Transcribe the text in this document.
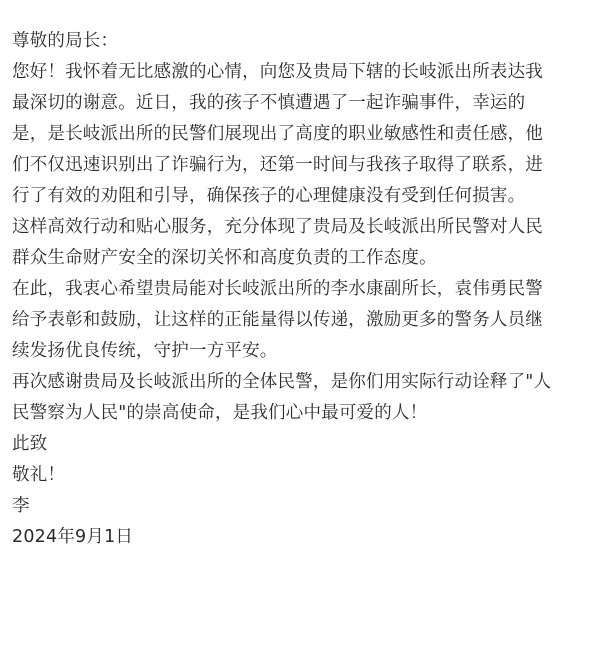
尊敬的局长：
您好！我怀着无比感激的心情，向您及贵局下辖的长岐派出所表达我
最深切的谢意。近日，我的孩子不慎遭遇了一起诈骗事件，幸运的
是，是长岐派出所的民警们展现出了高度的职业敏感性和责任感，他
们不仅迅速识别出了诈骗行为，还第一时间与我孩子取得了联系，进
行了有效的劝阻和引导，确保孩子的心理健康没有受到任何损害。
这样高效行动和贴心服务，充分体现了贵局及长岐派出所民警对人民
群众生命财产安全的深切关怀和高度负责的工作态度。
在此，我衷心希望贵局能对长岐派出所的李水康副所长，袁伟勇民警
给予表彰和鼓励，让这样的正能量得以传递，激励更多的警务人员继
续发扬优良传统，守护一方平安。
再次感谢贵局及长岐派出所的全体民警，是你们用实际行动诠释了"人
民警察为人民"的崇高使命，是我们心中最可爱的人！
此致
敬礼！
李
2024年9月1日
